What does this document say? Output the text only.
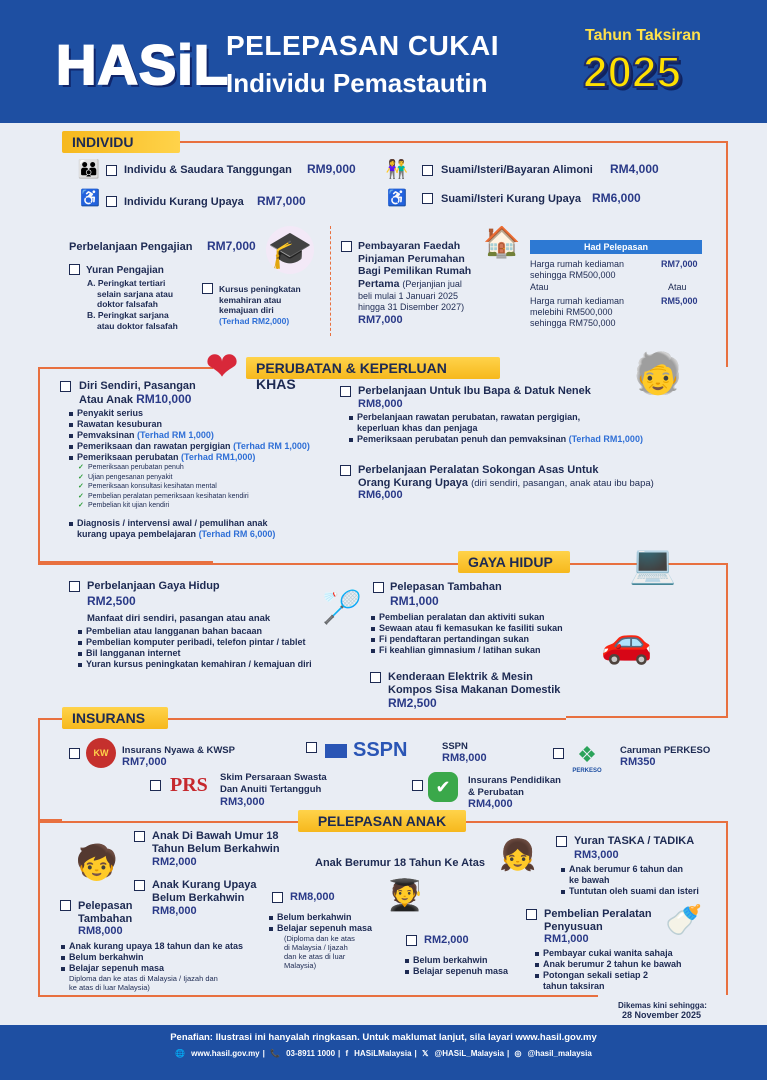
HASiL
PELEPASAN CUKAI
Individu Pemastautin
Tahun Taksiran
2025
INDIVIDU
👪 Individu & Saudara Tanggungan RM9,000
♿ Individu Kurang Upaya RM7,000
👫	Suami/Isteri/Bayaran Alimoni RM4,000
♿	Suami/Isteri Kurang Upaya RM6,000
Perbelanjaan Pengajian RM7,000 🎓
Yuran Pengajian
A. Peringkat tertiari
selain sarjana atau
doktor falsafah
B. Peringkat sarjana
atau doktor falsafah
Kursus peningkatan
kemahiran atau
kemajuan diri
(Terhad RM2,000)
Pembayaran Faedah
Pinjaman Perumahan
Bagi Pemilikan Rumah
Pertama (Perjanjian jual
beli mulai 1 Januari 2025
hingga 31 Disember 2027)
RM7,000
🏠	Had Pelepasan
Harga rumah kediaman
sehingga RM500,000
RM7,000
Atau	Atau
Harga rumah kediaman
melebihi RM500,000
sehingga RM750,000
RM5,000
❤	PERUBATAN & KEPERLUAN KHAS	🧓
Diri Sendiri, Pasangan
Atau Anak RM10,000
Penyakit serius
Rawatan kesuburan
Pemvaksinan (Terhad RM 1,000)
Pemeriksaan dan rawatan pergigian (Terhad RM 1,000)
Pemeriksaan perubatan (Terhad RM1,000)
✓ Pemeriksaan perubatan penuh
✓ Ujian pengesanan penyakit
✓ Pemeriksaan konsultasi kesihatan mental
✓ Pembelian peralatan pemeriksaan kesihatan kendiri
✓ Pembelian kit ujian kendiri
Diagnosis / intervensi awal / pemulihan anak
kurang upaya pembelajaran (Terhad RM 6,000)
Perbelanjaan Untuk Ibu Bapa & Datuk Nenek
RM8,000
Perbelanjaan rawatan perubatan, rawatan pergigian,
keperluan khas dan penjaga
Pemeriksaan perubatan penuh dan pemvaksinan (Terhad RM1,000)
Perbelanjaan Peralatan Sokongan Asas Untuk
Orang Kurang Upaya (diri sendiri, pasangan, anak atau ibu bapa)
RM6,000
GAYA HIDUP	💻
Perbelanjaan Gaya Hidup
RM2,500
Manfaat diri sendiri, pasangan atau anak
Pembelian atau langganan bahan bacaan
Pembelian komputer peribadi, telefon pintar / tablet
Bil langganan internet
Yuran kursus peningkatan kemahiran / kemajuan diri
🏸
Pelepasan Tambahan
RM1,000
Pembelian peralatan dan aktiviti sukan
Sewaan atau fi kemasukan ke fasiliti sukan
Fi pendaftaran pertandingan sukan
Fi keahlian gimnasium / latihan sukan	🚗
Kenderaan Elektrik & Mesin
Kompos Sisa Makanan Domestik
RM2,500
INSURANS
KW	Insurans Nyawa & KWSP
RM7,000
SSPN	SSPN
RM8,000	❖
PERKESO
Caruman PERKESO
RM350
PRS Skim Persaraan Swasta
Dan Anuiti Tertangguh
RM3,000
✔	Insurans Pendidikan
& Perubatan
RM4,000
PELEPASAN ANAK
🧒
Anak Di Bawah Umur 18
Tahun Belum Berkahwin
RM2,000
Anak Kurang Upaya
Belum Berkahwin
RM8,000
Pelepasan
Tambahan
RM8,000
Anak kurang upaya 18 tahun dan ke atas
Belum berkahwin
Belajar sepenuh masa
Diploma dan ke atas di Malaysia / Ijazah dan
ke atas di luar Malaysia)
Anak Berumur 18 Tahun Ke Atas
🧑‍🎓
RM8,000
Belum berkahwin
Belajar sepenuh masa
(Diploma dan ke atas
di Malaysia / Ijazah
dan ke atas di luar
Malaysia)
RM2,000
Belum berkahwin
Belajar sepenuh masa
👧	Yuran TASKA / TADIKA
RM3,000
Anak berumur 6 tahun dan
ke bawah
Tuntutan oleh suami dan isteri
Pembelian Peralatan
Penyusuan
RM1,000
🍼
Pembayar cukai wanita sahaja
Anak berumur 2 tahun ke bawah
Potongan sekali setiap 2
tahun taksiran
Dikemas kini sehingga:
28 November 2025
Penafian: Ilustrasi ini hanyalah ringkasan. Untuk maklumat lanjut, sila layari www.hasil.gov.my
🌐 www.hasil.gov.my | 📞 03-8911 1000 | f HASiLMalaysia | 𝕏 @HASiL_Malaysia | ◎ @hasil_malaysia
